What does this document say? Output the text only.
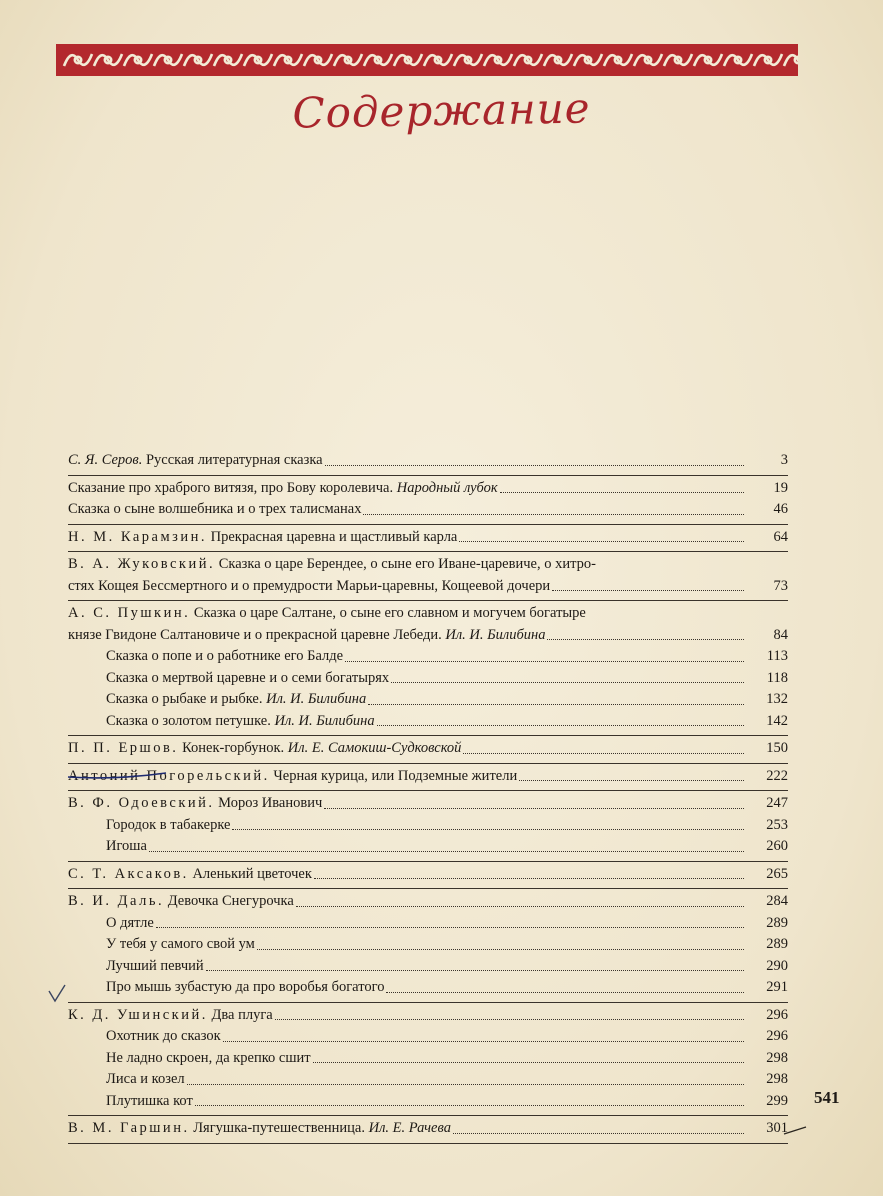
Содержание
С. Я. Серов. Русская литературная сказка	3
Сказание про храброго витязя, про Бову королевича. Народный лубок	19
Сказка о сыне волшебника и о трех талисманах	46
Н. М. Карамзин. Прекрасная царевна и щастливый карла	64
В. А. Жуковский. Сказка о царе Берендее, о сыне его Иване-царевиче, о хитро-
стях Кощея Бессмертного и о премудрости Марьи-царевны, Кощеевой дочери	73
А. С. Пушкин. Сказка о царе Салтане, о сыне его славном и могучем богатыре
князе Гвидоне Салтановиче и о прекрасной царевне Лебеди. Ил. И. Билибина	84
Сказка о попе и о работнике его Балде	113
Сказка о мертвой царевне и о семи богатырях	118
Сказка о рыбаке и рыбке. Ил. И. Билибина	132
Сказка о золотом петушке. Ил. И. Билибина	142
П. П. Ершов. Конек-горбунок. Ил. Е. Самокиш-Судковской	150
Антоний Погорельский. Черная курица, или Подземные жители	222
В. Ф. Одоевский. Мороз Иванович	247
Городок в табакерке	253
Игоша	260
С. Т. Аксаков. Аленький цветочек	265
В. И. Даль. Девочка Снегурочка	284
О дятле	289
У тебя у самого свой ум	289
Лучший певчий	290
Про мышь зубастую да про воробья богатого	291
К. Д. Ушинский. Два плуга	296
Охотник до сказок	296
Не ладно скроен, да крепко сшит	298
Лиса и козел	298
Плутишка кот	299
В. М. Гаршин. Лягушка-путешественница. Ил. Е. Рачева	301
541
